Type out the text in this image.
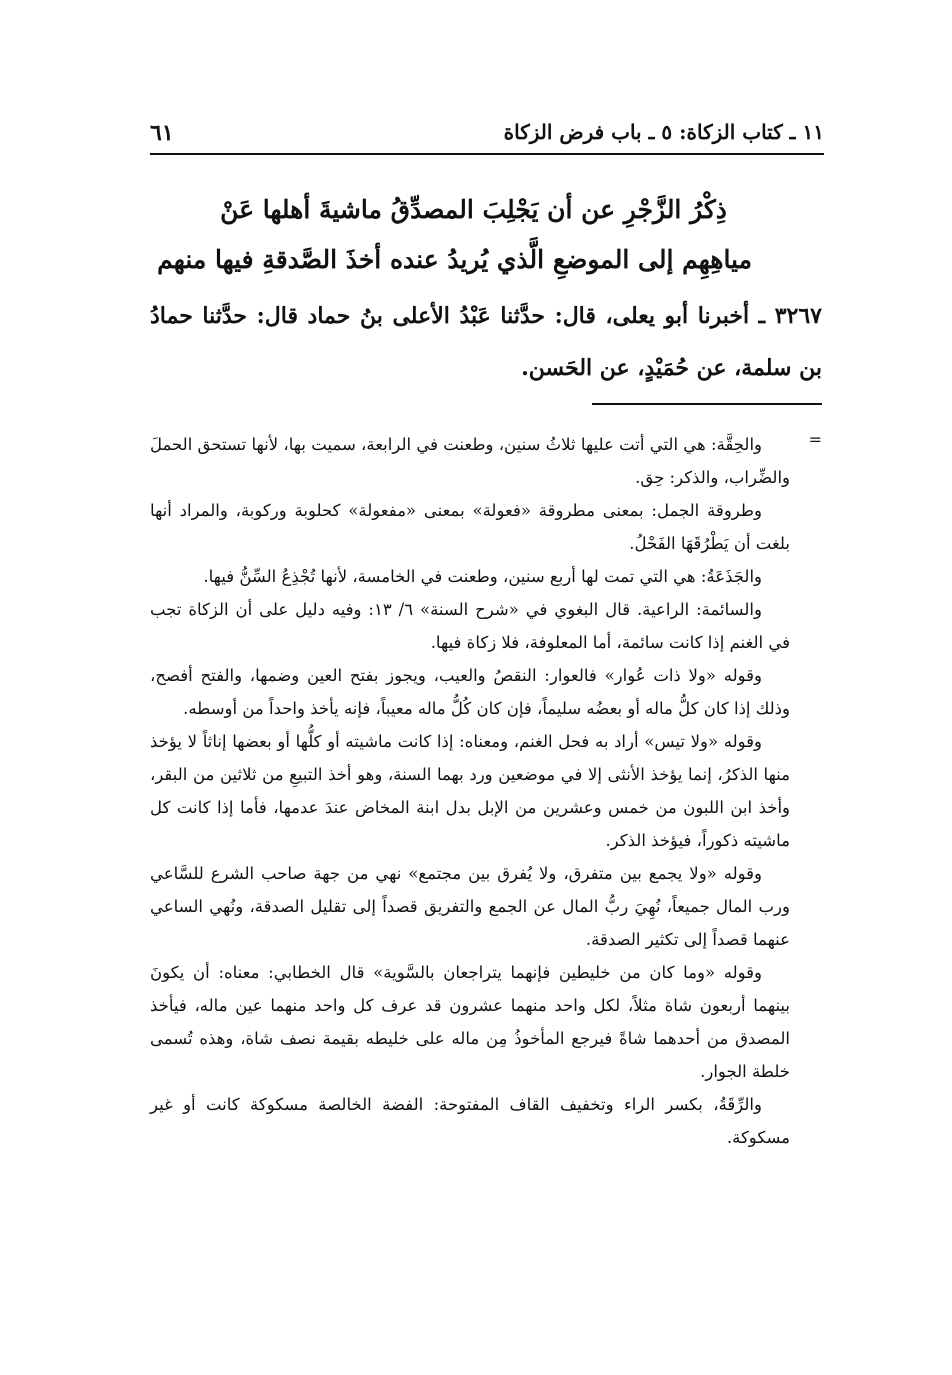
٦١	١١ ـ كتاب الزكاة: ٥ ـ باب فرض الزكاة
ذِكْرُ الزَّجْرِ عن أن يَجْلِبَ المصدِّقُ ماشيةَ أهلها عَنْ
مياهِهِم إلى الموضعِ الَّذي يُريدُ عنده أخذَ الصَّدقةِ فيها منهم
٣٢٦٧ ـ أخبرنا أبو يعلى، قال: حدَّثنا عَبْدُ الأعلى بنُ حماد قال: حدَّثنا حمادُ بن سلمة، عن حُمَيْدٍ، عن الحَسن.
=

والحِقَّة: هي التي أتت عليها ثلاثُ سنين، وطعنت في الرابعة، سميت بها، لأنها تستحق الحملَ والضِّراب، والذكر: حِق.

وطروقة الجمل: بمعنى مطروقة «فعولة» بمعنى «مفعولة» كحلوبة وركوبة، والمراد أنها بلغت أن يَطْرُقَهَا الفَحْلُ.

والجَذَعَةُ: هي التي تمت لها أربع سنين، وطعنت في الخامسة، لأنها تُجْذِعُ السِّنُّ فيها.

والسائمة: الراعية. قال البغوي في «شرح السنة» ٦/ ١٣: وفيه دليل على أن الزكاة تجب في الغنم إذا كانت سائمة، أما المعلوفة، فلا زكاة فيها.

وقوله «ولا ذات عُوار» فالعوار: النقصُ والعيب، ويجوز بفتح العين وضمها، والفتح أفصح، وذلك إذا كان كلُّ ماله أو بعضُه سليماً، فإن كان كُلُّ ماله معيباً، فإنه يأخذ واحداً من أوسطه.

وقوله «ولا تيس» أراد به فحل الغنم، ومعناه: إذا كانت ماشيته أو كلُّها أو بعضها إناثاً لا يؤخذ منها الذكرُ، إنما يؤخذ الأنثى إلا في موضعين ورد بهما السنة، وهو أخذ التبيعِ من ثلاثين من البقر، وأخذ ابن اللبون من خمس وعشرين من الإبل بدل ابنة المخاض عندَ عدمها، فأما إذا كانت كل ماشيته ذكوراً، فيؤخذ الذكر.

وقوله «ولا يجمع بين متفرق، ولا يُفرق بين مجتمع» نهي من جهة صاحب الشرع للسَّاعي ورب المال جميعاً، نُهِيَ ربُّ المال عن الجمع والتفريق قصداً إلى تقليل الصدقة، ونُهي الساعي عنهما قصداً إلى تكثير الصدقة.

وقوله «وما كان من خليطين فإنهما يتراجعان بالسَّوية» قال الخطابي: معناه: أن يكونَ بينهما أربعون شاة مثلاً، لكل واحد منهما عشرون قد عرف كل واحد منهما عين ماله، فيأخذ المصدق من أحدهما شاةً فيرجع المأخوذُ مِن ماله على خليطه بقيمة نصف شاة، وهذه تُسمى خلطة الجوار.

والرِّقَةُ، بكسر الراء وتخفيف القاف المفتوحة: الفضة الخالصة مسكوكة كانت أو غير مسكوكة.
